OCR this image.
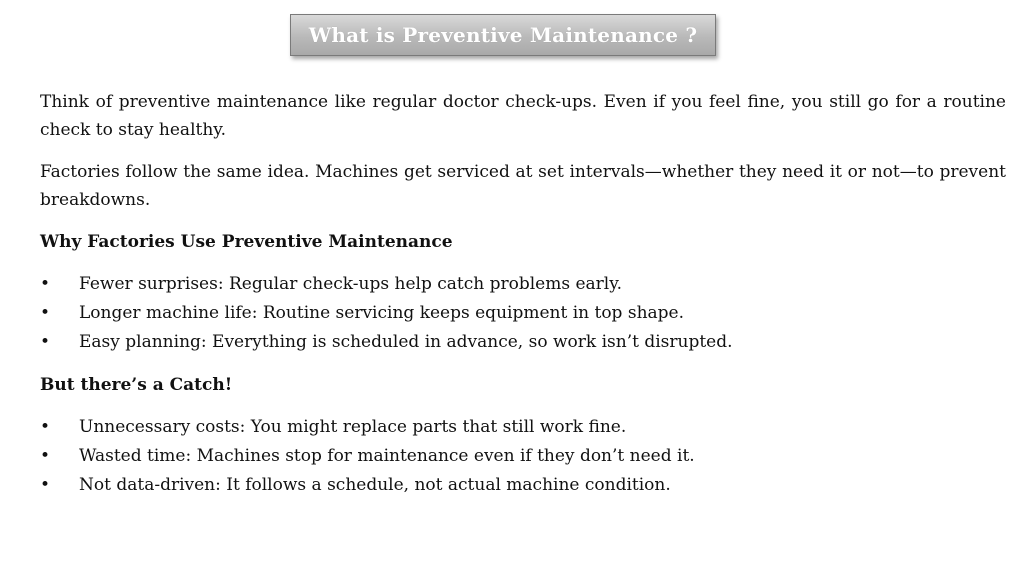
What is Preventive Maintenance ?

Think of preventive maintenance like regular doctor check-ups. Even if you feel fine, you still go for a routine check to stay healthy.

Factories follow the same idea. Machines get serviced at set intervals—whether they need it or not—to prevent breakdowns.

Why Factories Use Preventive Maintenance
• Fewer surprises: Regular check-ups help catch problems early.
• Longer machine life: Routine servicing keeps equipment in top shape.
• Easy planning: Everything is scheduled in advance, so work isn’t disrupted.
But there’s a Catch!
• Unnecessary costs: You might replace parts that still work fine.
• Wasted time: Machines stop for maintenance even if they don’t need it.
• Not data-driven: It follows a schedule, not actual machine condition.
